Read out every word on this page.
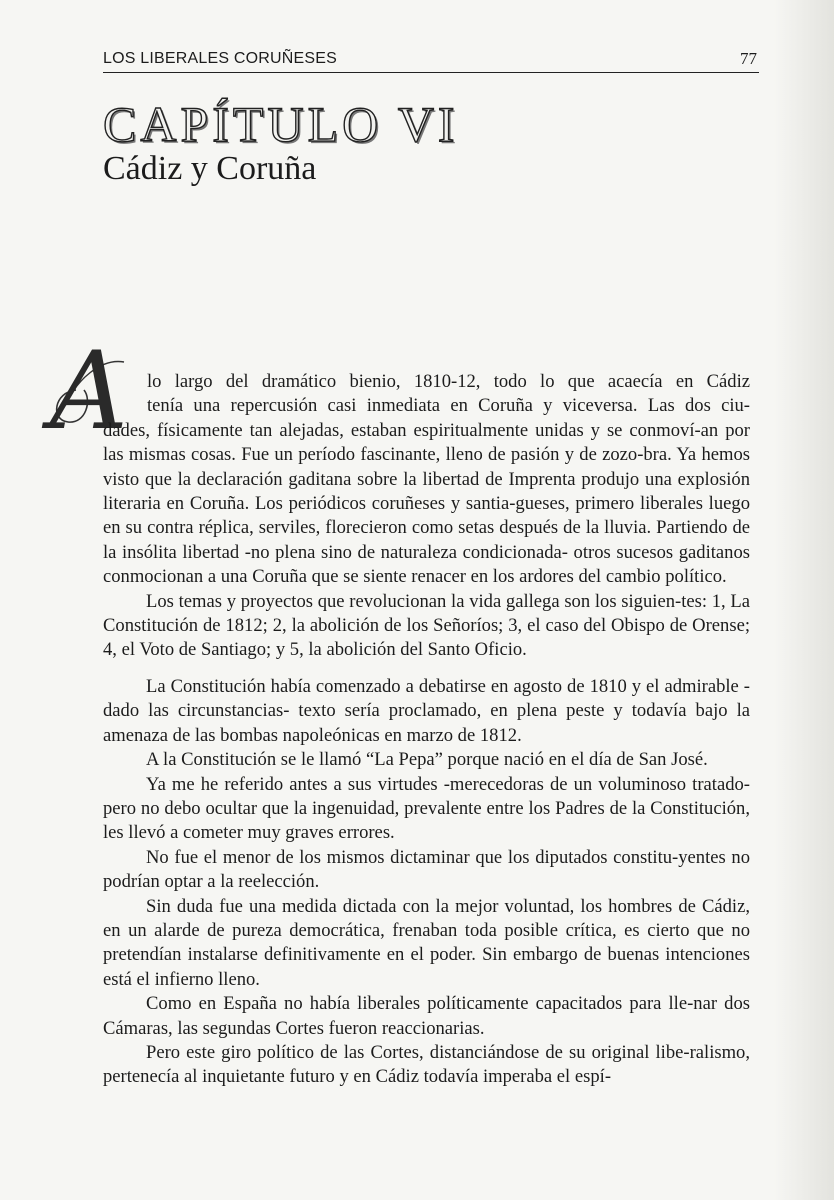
LOS LIBERALES CORUÑESES	77
CAPÍTULO VI
Cádiz y Coruña
A	lo largo del dramático bienio, 1810-12, todo lo que acaecía en Cádiz
tenía una repercusión casi inmediata en Coruña y viceversa. Las dos ciu-
dades, físicamente tan alejadas, estaban espiritualmente unidas y se conmoví-an por las mismas cosas. Fue un período fascinante, lleno de pasión y de zozo-bra. Ya hemos visto que la declaración gaditana sobre la libertad de Imprenta produjo una explosión literaria en Coruña. Los periódicos coruñeses y santia-gueses, primero liberales luego en su contra réplica, serviles, florecieron como setas después de la lluvia. Partiendo de la insólita libertad -no plena sino de naturaleza condicionada- otros sucesos gaditanos conmocionan a una Coruña que se siente renacer en los ardores del cambio político.

Los temas y proyectos que revolucionan la vida gallega son los siguien-tes: 1, La Constitución de 1812; 2, la abolición de los Señoríos; 3, el caso del Obispo de Orense; 4, el Voto de Santiago; y 5, la abolición del Santo Oficio.

La Constitución había comenzado a debatirse en agosto de 1810 y el admirable -dado las circunstancias- texto sería proclamado, en plena peste y todavía bajo la amenaza de las bombas napoleónicas en marzo de 1812.

A la Constitución se le llamó “La Pepa” porque nació en el día de San José.

Ya me he referido antes a sus virtudes -merecedoras de un voluminoso tratado- pero no debo ocultar que la ingenuidad, prevalente entre los Padres de la Constitución, les llevó a cometer muy graves errores.

No fue el menor de los mismos dictaminar que los diputados constitu-yentes no podrían optar a la reelección.

Sin duda fue una medida dictada con la mejor voluntad, los hombres de Cádiz, en un alarde de pureza democrática, frenaban toda posible crítica, es cierto que no pretendían instalarse definitivamente en el poder. Sin embargo de buenas intenciones está el infierno lleno.

Como en España no había liberales políticamente capacitados para lle-nar dos Cámaras, las segundas Cortes fueron reaccionarias.

Pero este giro político de las Cortes, distanciándose de su original libe-ralismo, pertenecía al inquietante futuro y en Cádiz todavía imperaba el espí-
